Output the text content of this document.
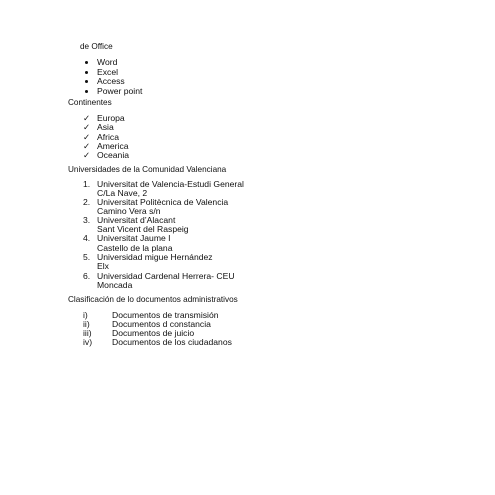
de Office
Word
Excel
Access
Power point
Continentes
✓ Europa
✓ Asia
✓ Africa
✓ America
✓ Oceania
Universidades de la Comunidad Valenciana
1. Universitat de Valencia-Estudi General
C/La Nave, 2
2. Universitat Politècnica de Valencia
Camino Vera s/n
3. Universitat d’Alacant
Sant Vicent del Raspeig
4. Universitat Jaume I
Castello de la plana
5. Universidad migue Hernández
Elx
6. Universidad Cardenal Herrera- CEU
Moncada
Clasificación de lo documentos administrativos
i)	Documentos de transmisión
ii)	Documentos d constancia
iii) Documentos de juicio
iv) Documentos de los ciudadanos
